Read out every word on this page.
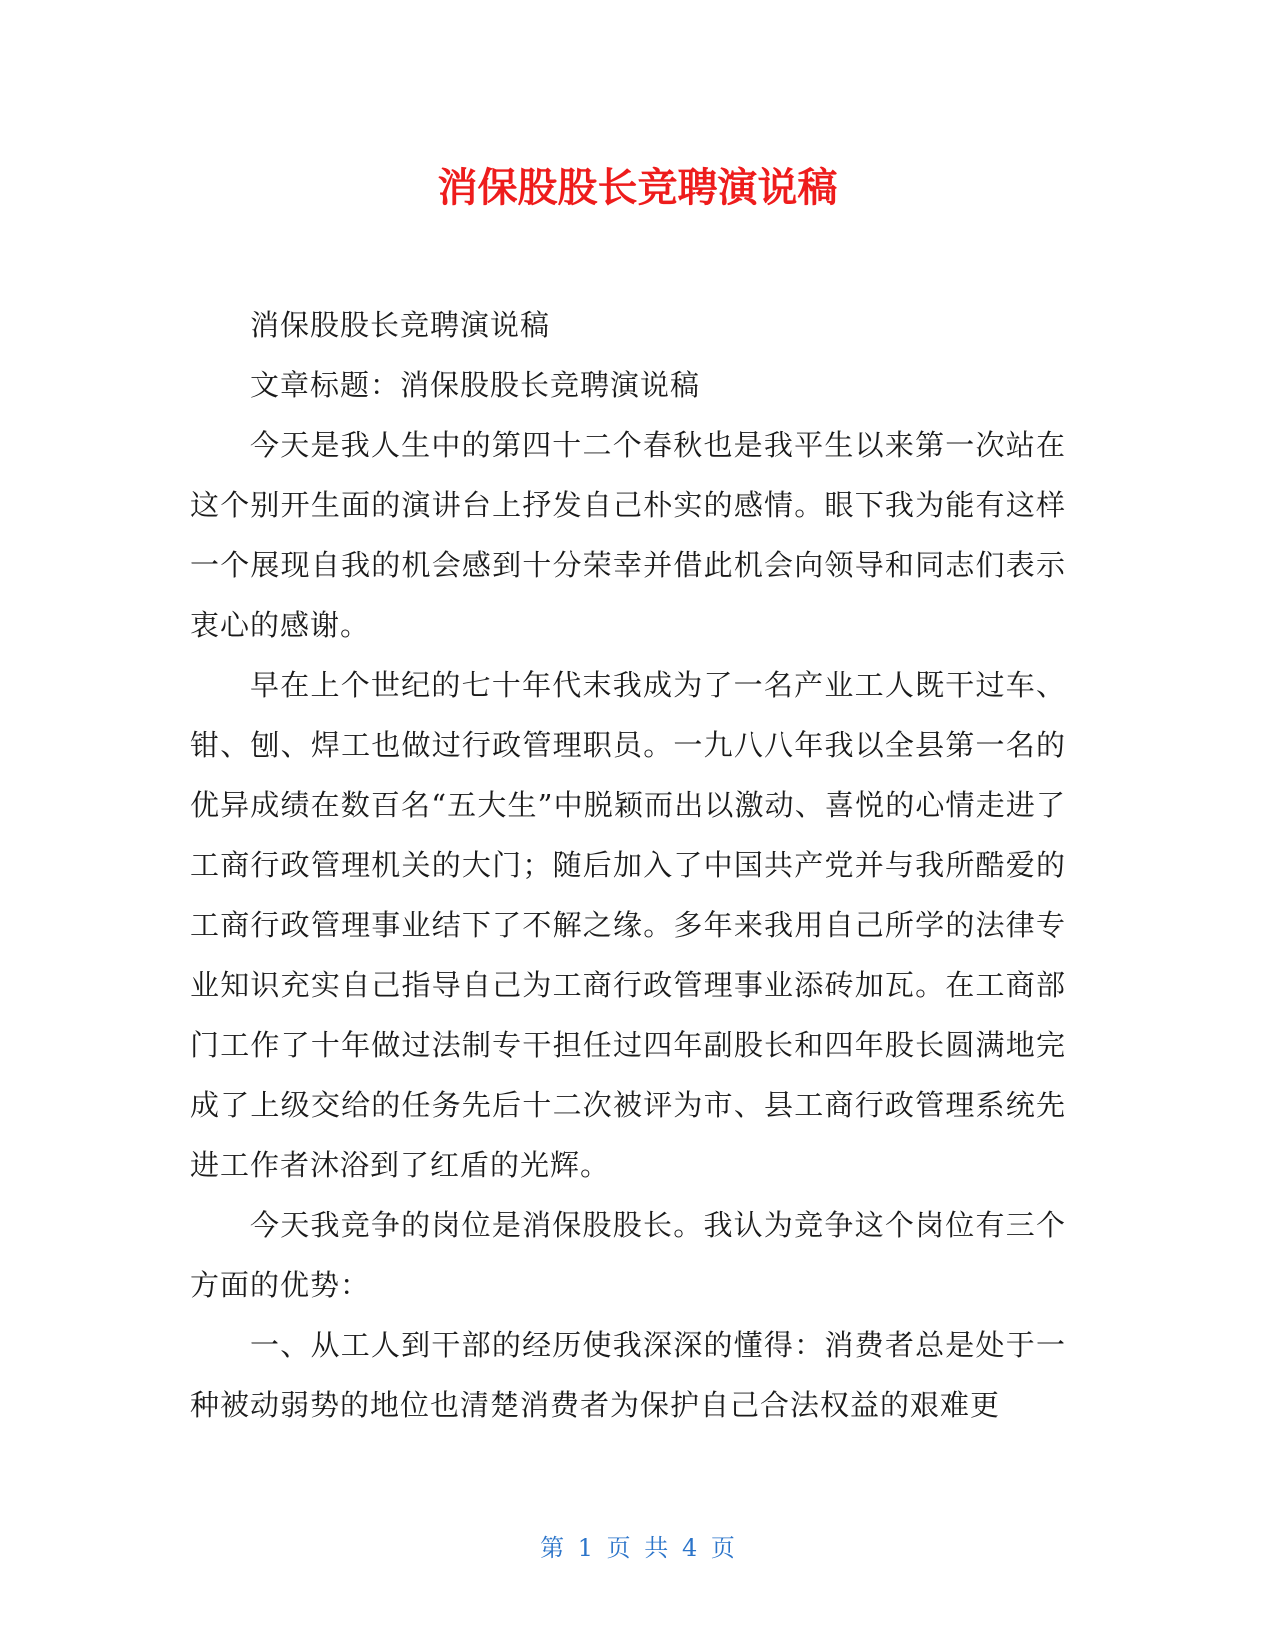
消保股股长竞聘演说稿

消保股股长竞聘演说稿

文章标题：消保股股长竞聘演说稿

今天是我人生中的第四十二个春秋也是我平生以来第一次站在这个别开生面的演讲台上抒发自己朴实的感情。眼下我为能有这样一个展现自我的机会感到十分荣幸并借此机会向领导和同志们表示衷心的感谢。

早在上个世纪的七十年代末我成为了一名产业工人既干过车、钳、刨、焊工也做过行政管理职员。一九八八年我以全县第一名的优异成绩在数百名“五大生”中脱颖而出以激动、喜悦的心情走进了工商行政管理机关的大门；随后加入了中国共产党并与我所酷爱的工商行政管理事业结下了不解之缘。多年来我用自己所学的法律专业知识充实自己指导自己为工商行政管理事业添砖加瓦。在工商部门工作了十年做过法制专干担任过四年副股长和四年股长圆满地完成了上级交给的任务先后十二次被评为市、县工商行政管理系统先进工作者沐浴到了红盾的光辉。

今天我竞争的岗位是消保股股长。我认为竞争这个岗位有三个方面的优势：

一、从工人到干部的经历使我深深的懂得：消费者总是处于一种被动弱势的地位也清楚消费者为保护自己合法权益的艰难更

第 1 页 共 4 页
